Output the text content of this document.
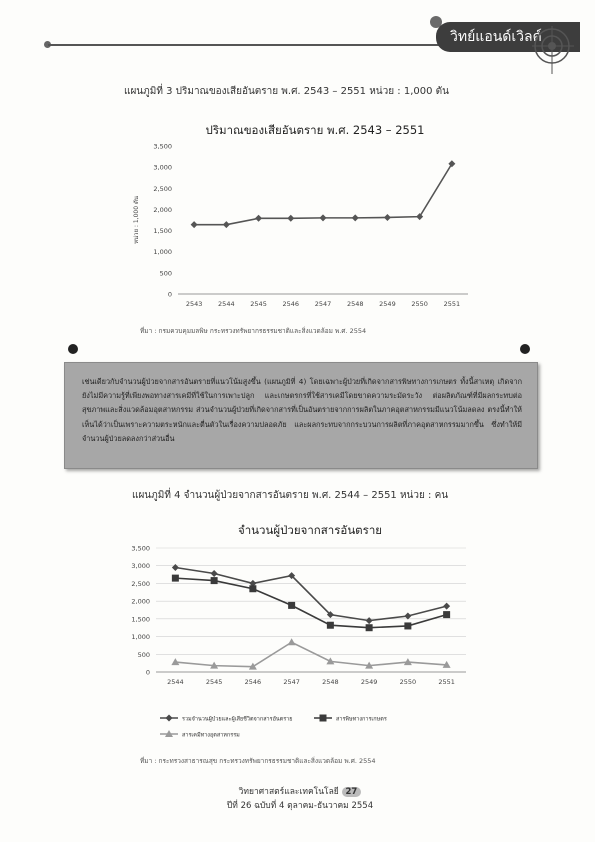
วิทย์แอนด์เวิลด์
แผนภูมิที่ 3 ปริมาณของเสียอันตราย พ.ศ. 2543 – 2551 หน่วย : 1,000 ตัน
ปริมาณของเสียอันตราย พ.ศ. 2543 – 2551
0
500
1,000
1,500
2,000
2,500
3,000
3,500
2543 2544 2545 2546 2547 2548 2549 2550 2551
หน่วย : 1,000 ตัน
ที่มา : กรมควบคุมมลพิษ กระทรวงทรัพยากรธรรมชาติและสิ่งแวดล้อม พ.ศ. 2554
เช่นเดียวกับจำนวนผู้ป่วยจากสารอันตรายที่แนวโน้มสูงขึ้น (แผนภูมิที่ 4) โดยเฉพาะผู้ป่วยที่เกิดจากสารพิษทางการเกษตร ทั้งนี้สาเหตุ เกิดจากยังไม่มีความรู้ที่เพียงพอทางสารเคมีที่ใช้ในการเพาะปลูก และเกษตรกรที่ใช้สารเคมีโดยขาดความระมัดระวัง ต่อผลิตภัณฑ์ที่มีผลกระทบต่อสุขภาพและสิ่งแวดล้อมอุตสาหกรรม ส่วนจำนวนผู้ป่วยที่เกิดจากสารที่เป็นอันตรายจากการผลิตในภาคอุตสาหกรรมมีแนวโน้มลดลง ตรงนี้ทำให้เห็นได้ว่าเป็นเพราะความตระหนักและตื่นตัวในเรื่องความปลอดภัย และผลกระทบจากกระบวนการผลิตที่ภาคอุตสาหกรรมมากขึ้น ซึ่งทำให้มีจำนวนผู้ป่วยลดลงกว่าส่วนอื่น
แผนภูมิที่ 4 จำนวนผู้ป่วยจากสารอันตราย พ.ศ. 2544 – 2551 หน่วย : คน
จำนวนผู้ป่วยจากสารอันตราย
0
500
1,000
1,500
2,000
2,500
3,000
3,500
2544	2545	2546	2547	2548	2549	2550	2551
รวมจำนวนผู้ป่วยและผู้เสียชีวิตจากสารอันตราย	สารพิษทางการเกษตร
สารเคมีทางอุตสาหกรรม
ที่มา : กระทรวงสาธารณสุข กระทรวงทรัพยากรธรรมชาติและสิ่งแวดล้อม พ.ศ. 2554
วิทยาศาสตร์และเทคโนโลยี 27
ปีที่ 26 ฉบับที่ 4 ตุลาคม-ธันวาคม 2554
